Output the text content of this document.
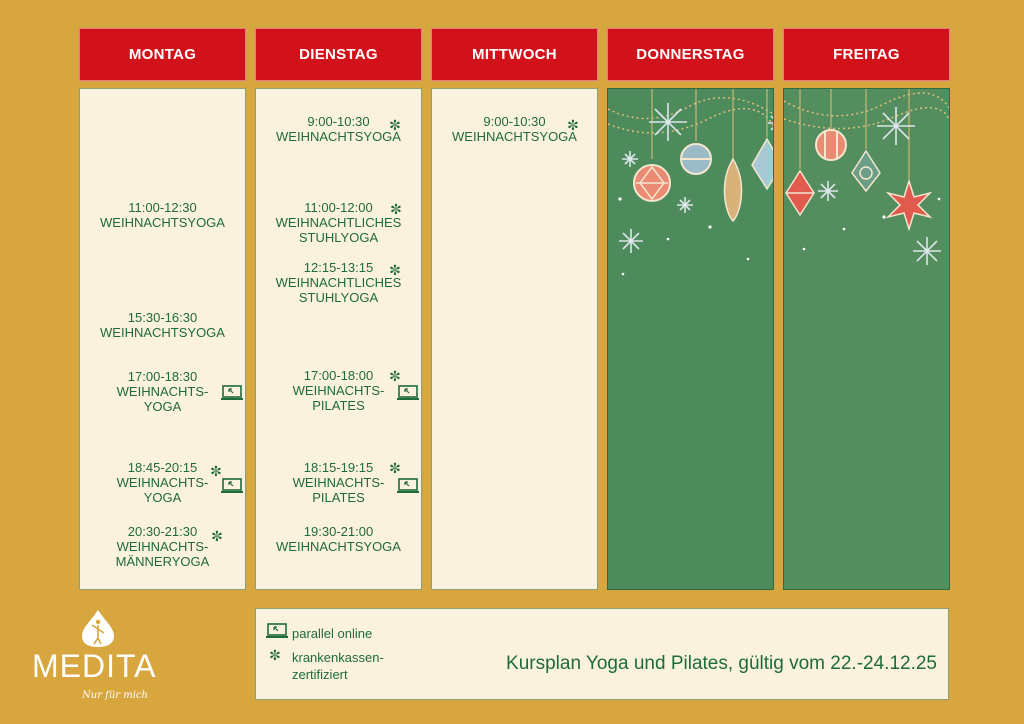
MONTAG
11:00-12:30
WEIHNACHTSYOGA
15:30-16:30
WEIHNACHTSYOGA
17:00-18:30
WEIHNACHTS-
YOGA
18:45-20:15
WEIHNACHTS-
YOGA
✼
20:30-21:30
WEIHNACHTS-
MÄNNERYOGA
✼
DIENSTAG
9:00-10:30
WEIHNACHTSYOGA
✼
11:00-12:00
WEIHNACHTLICHES
STUHLYOGA
✼
12:15-13:15
WEIHNACHTLICHES
STUHLYOGA
✼
17:00-18:00
WEIHNACHTS-
PILATES
✼
18:15-19:15
WEIHNACHTS-
PILATES
✼
19:30-21:00
WEIHNACHTSYOGA
MITTWOCH
9:00-10:30
WEIHNACHTSYOGA
✼
DONNERSTAG	FREITAG
MEDITA
Nur für mich
parallel online
✼ krankenkassen-
zertifiziert
Kursplan Yoga und Pilates, gültig vom 22.-24.12.25
